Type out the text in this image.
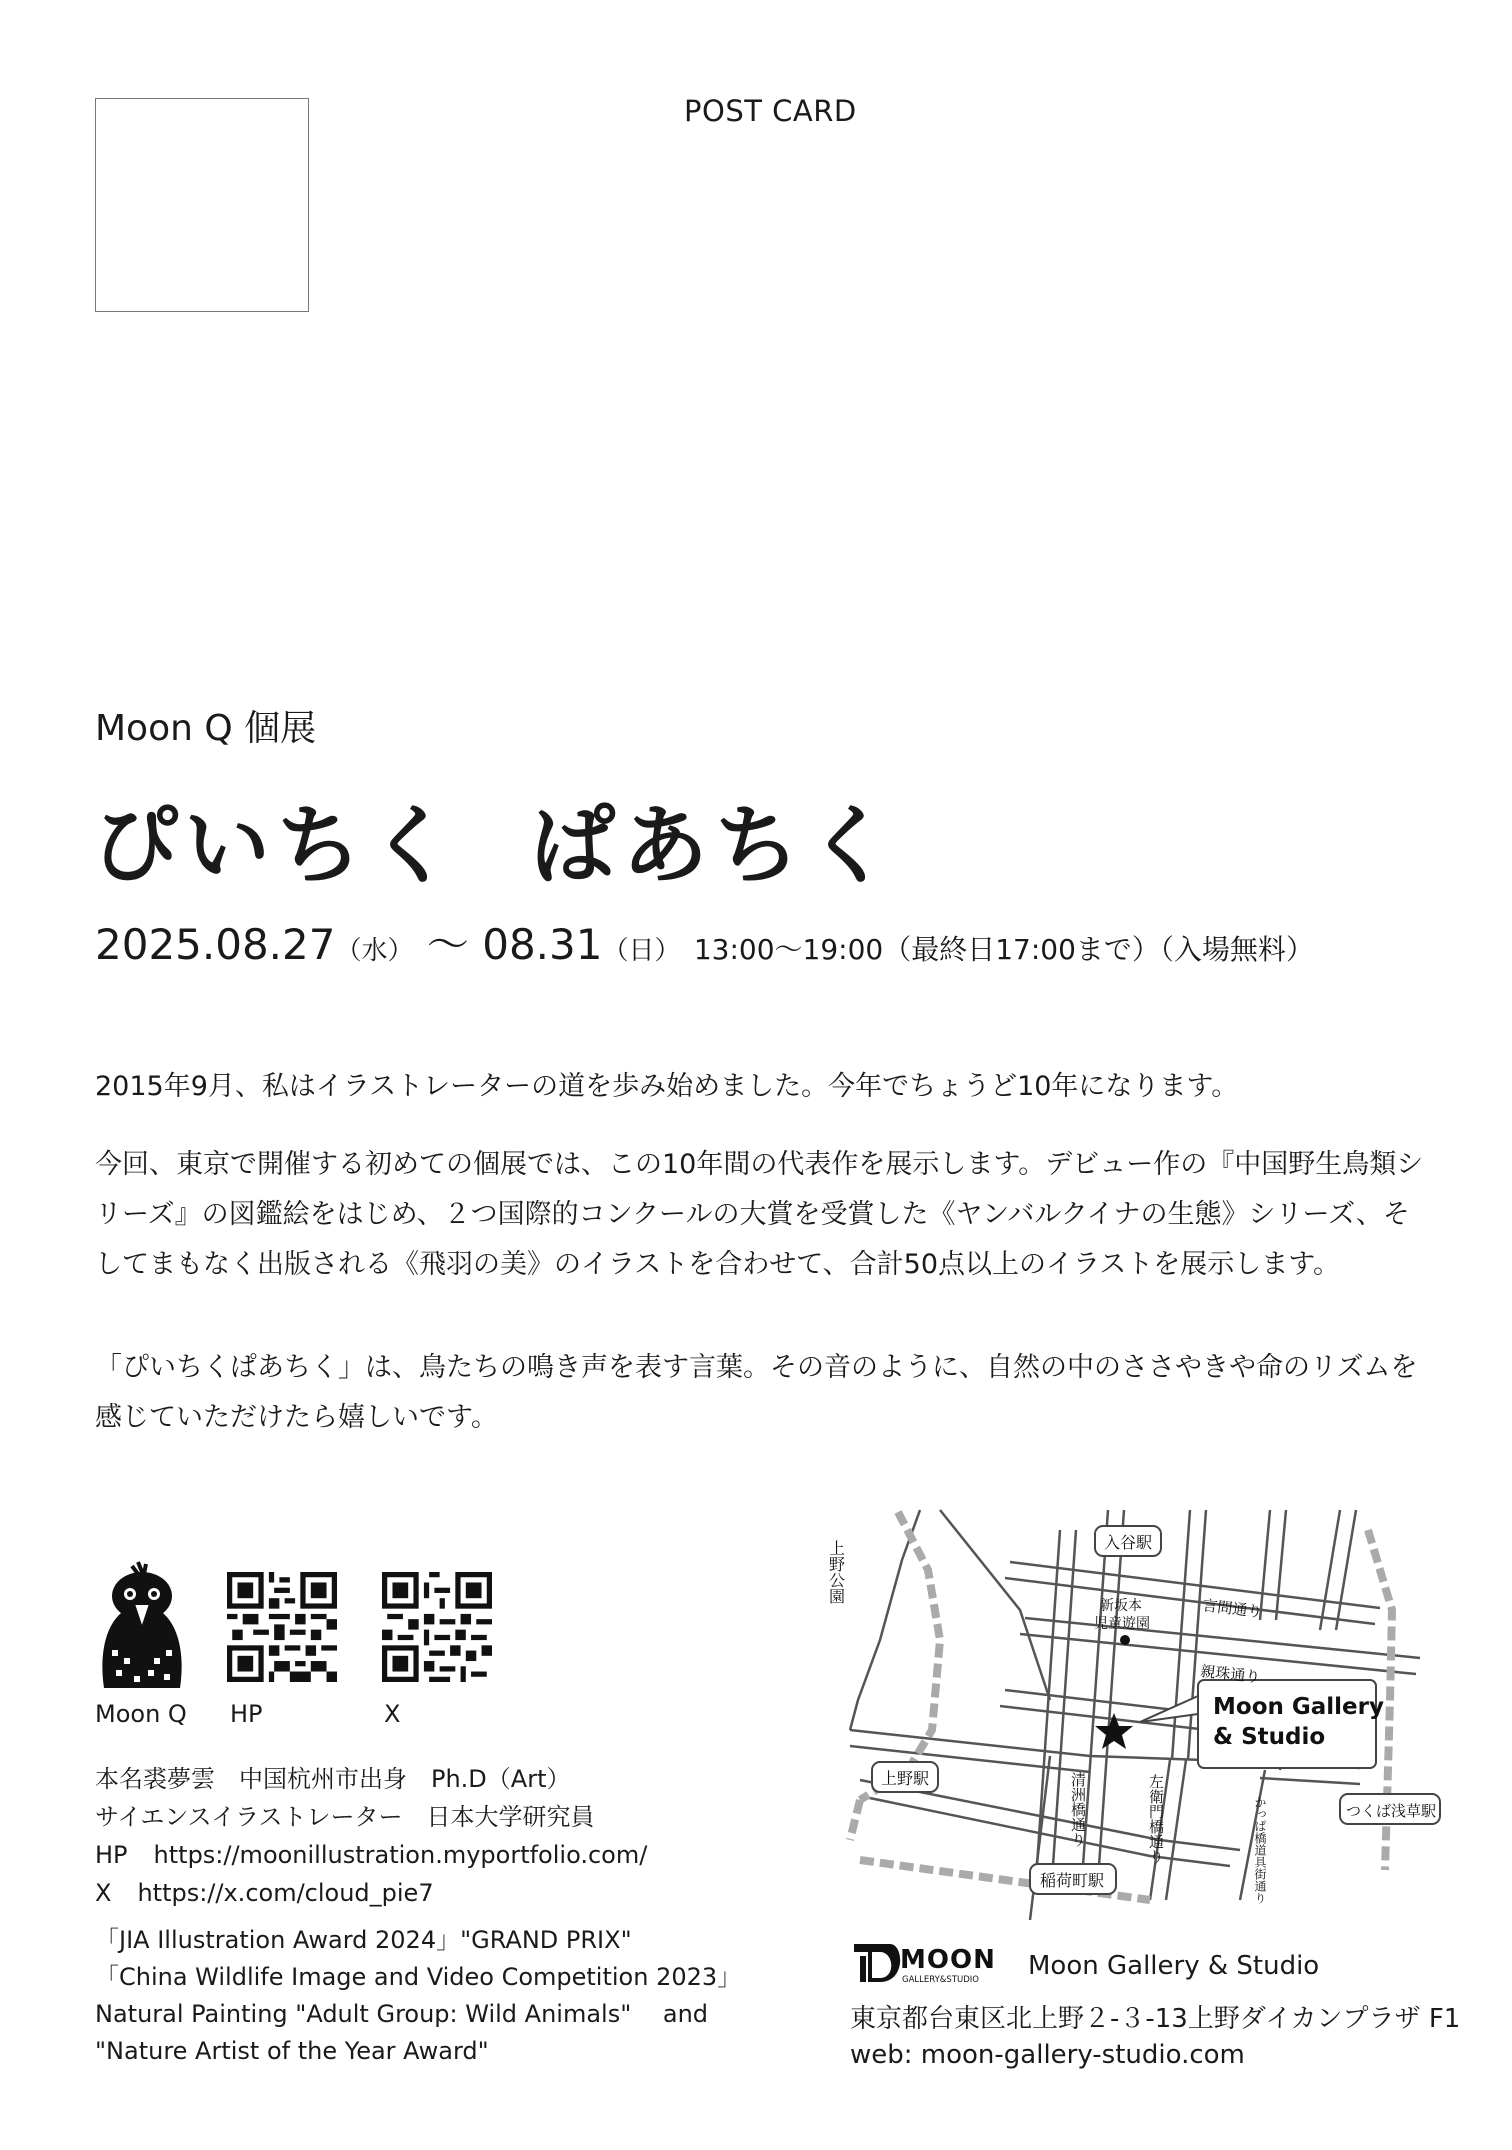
POST CARD
Moon Q 個展
ぴいちく ぱあちく
2025.08.27（水） ～ 08.31（日） 13:00～19:00（最終日17:00まで）（入場無料）
2015年9月、私はイラストレーターの道を歩み始めました。今年でちょうど10年になります。
今回、東京で開催する初めての個展では、この10年間の代表作を展示します。デビュー作の『中国野生鳥類シリーズ』の図鑑絵をはじめ、２つ国際的コンクールの大賞を受賞した《ヤンバルクイナの生態》シリーズ、そしてまもなく出版される《飛羽の美》のイラストを合わせて、合計50点以上のイラストを展示します。
「ぴいちくぱあちく」は、鳥たちの鳴き声を表す言葉。その音のように、自然の中のささやきや命のリズムを感じていただけたら嬉しいです。
Moon Q HP	X
本名裘夢雲　中国杭州市出身　Ph.D（Art）
サイエンスイラストレーター　日本大学研究員
HP https://moonillustration.myportfolio.com/
X https://x.com/cloud_pie7
「JIA Illustration Award 2024」"GRAND PRIX"
「China Wildlife Image and Video Competition 2023」
Natural Painting "Adult Group: Wild Animals"　 and
"Nature Artist of the Year Award"
Moon Gallery
& Studio
入谷駅
上野駅
つくば浅草駅
稲荷町駅
上野公園
新坂本
児童遊園
言問通り
親珠通り
清洲橋通り	左衛門橋通り	かっぱ橋道具街通り
MOON
GALLERY&STUDIO Moon Gallery & Studio
東京都台東区北上野２-３-13上野ダイカンプラザ F1
web: moon-gallery-studio.com
